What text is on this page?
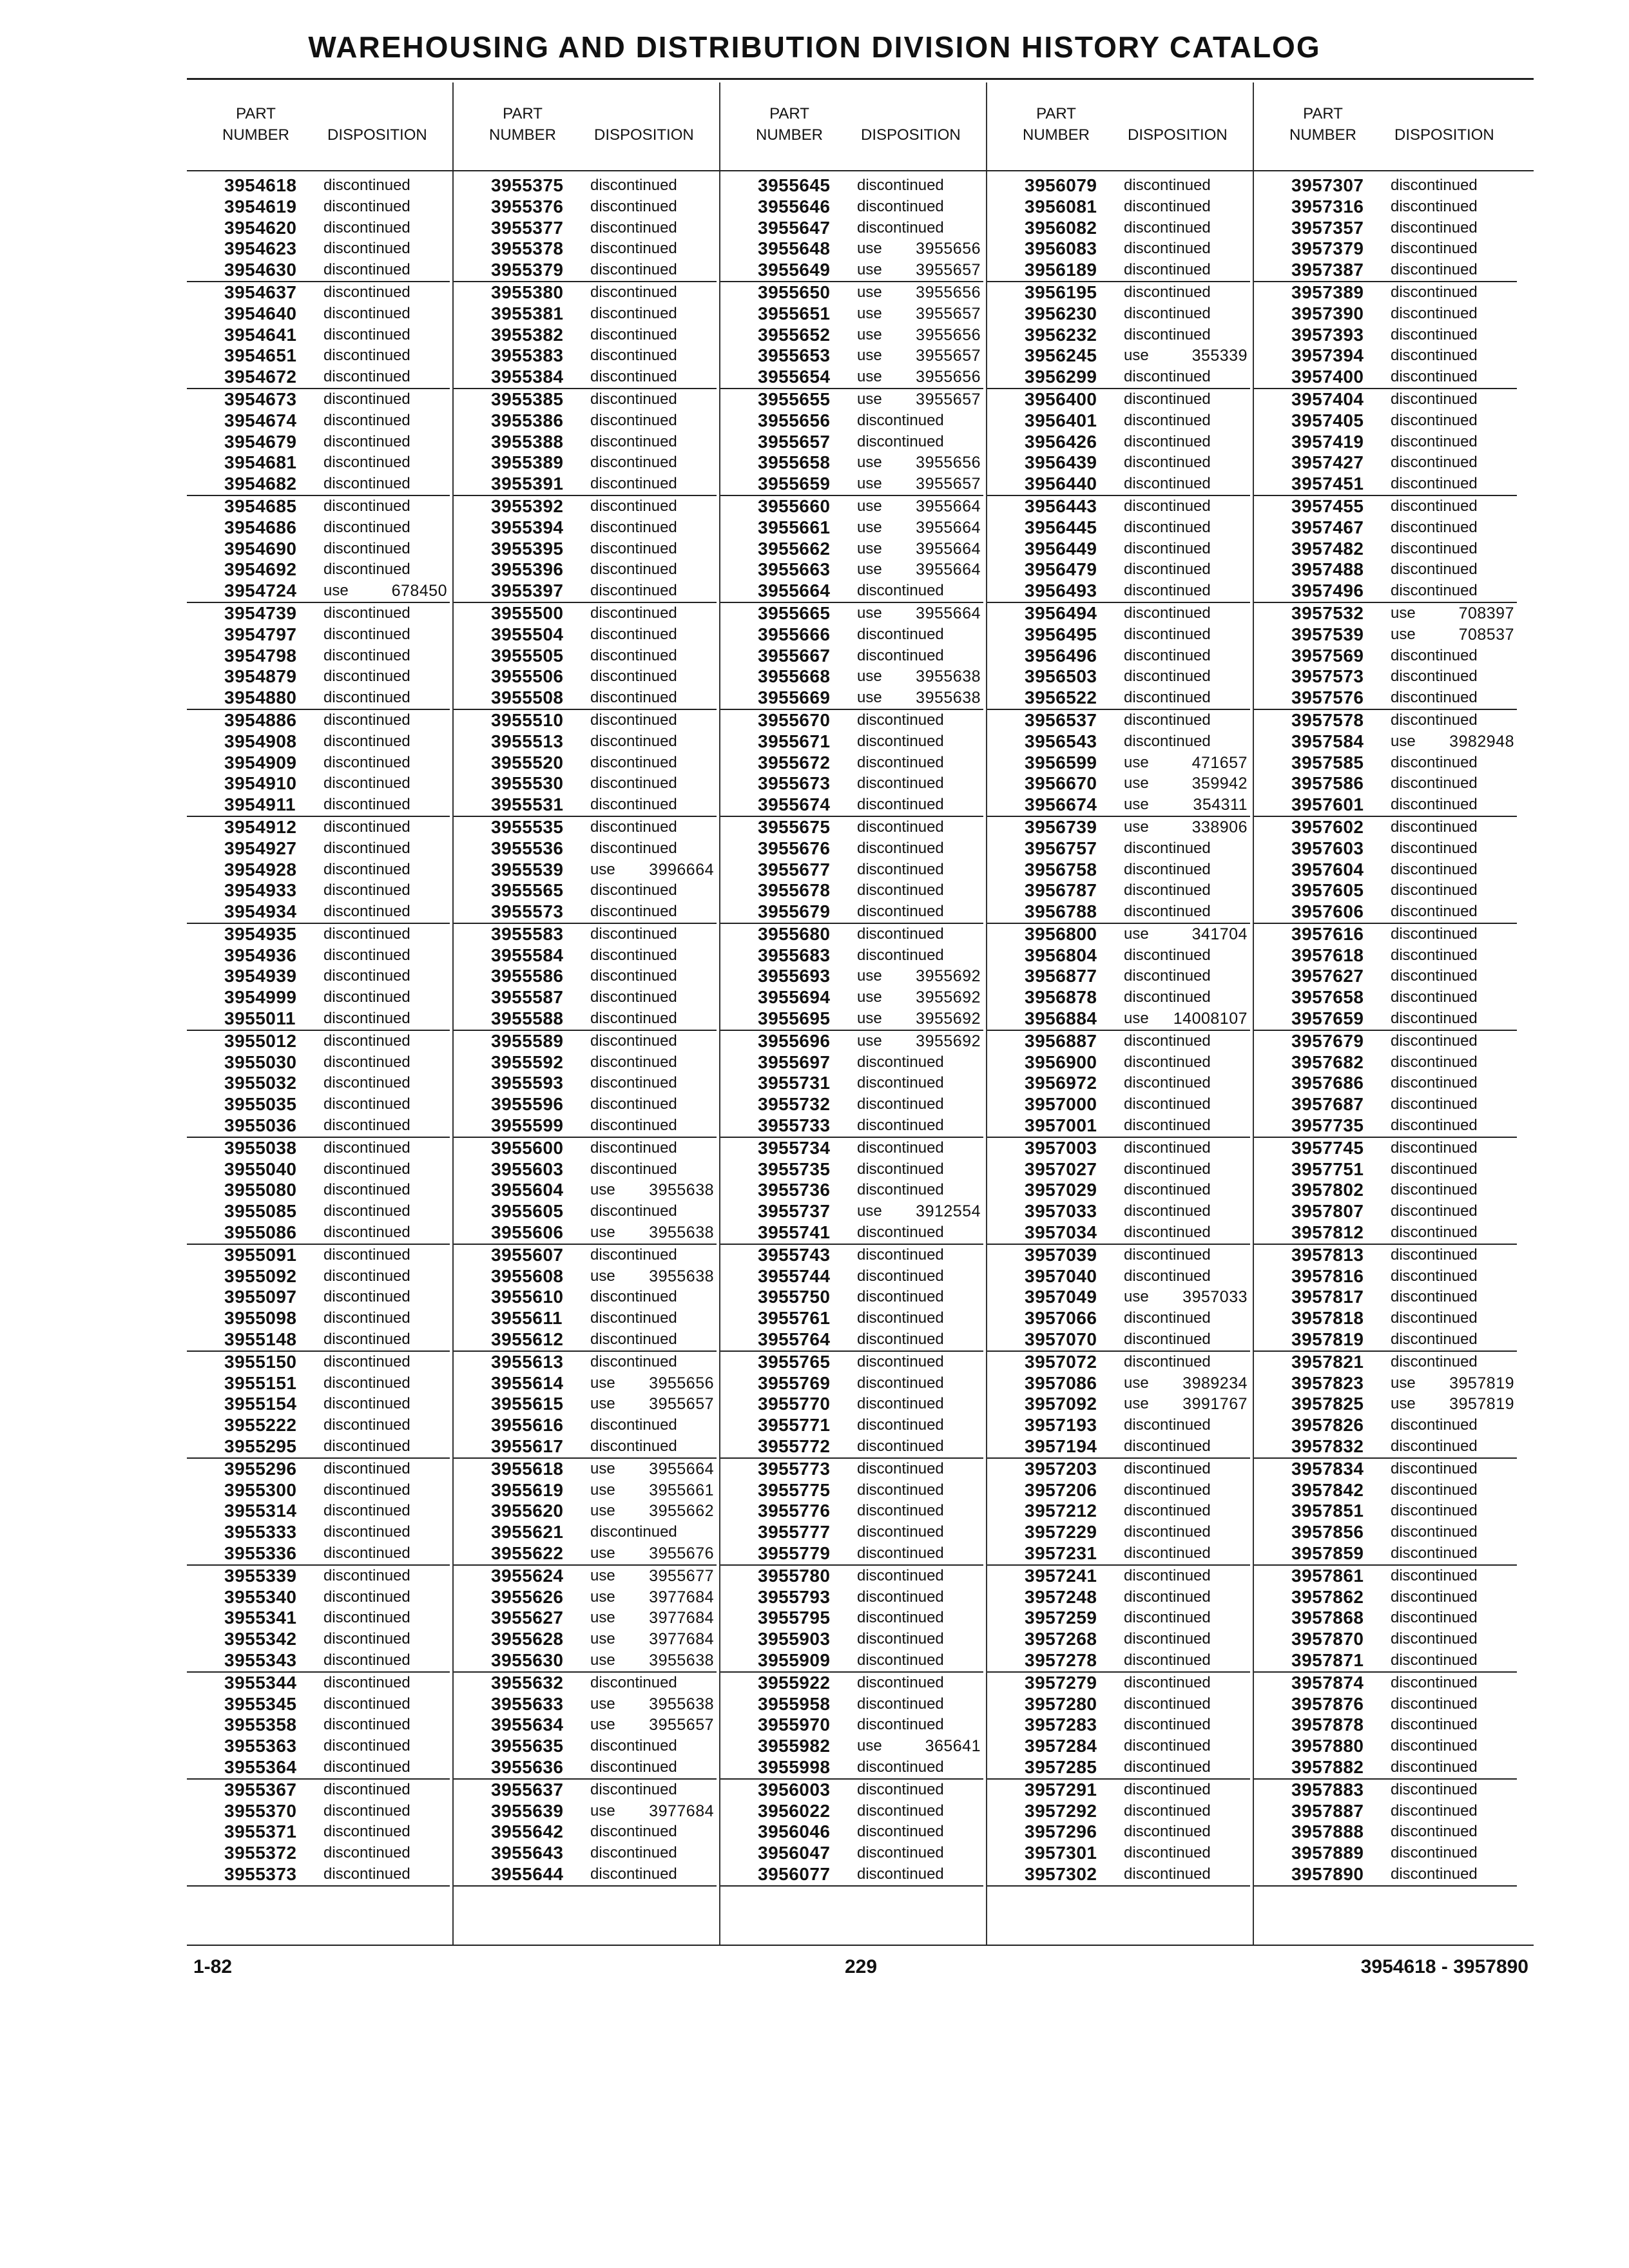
WAREHOUSING AND DISTRIBUTION DIVISION HISTORY CATALOG
PART
NUMBER	DISPOSITION
3954618 discontinued
3954619 discontinued
3954620 discontinued
3954623 discontinued
3954630 discontinued
3954637 discontinued
3954640 discontinued
3954641 discontinued
3954651 discontinued
3954672 discontinued
3954673 discontinued
3954674 discontinued
3954679 discontinued
3954681 discontinued
3954682 discontinued
3954685 discontinued
3954686 discontinued
3954690 discontinued
3954692 discontinued
3954724 use	678450
3954739 discontinued
3954797 discontinued
3954798 discontinued
3954879 discontinued
3954880 discontinued
3954886 discontinued
3954908 discontinued
3954909 discontinued
3954910 discontinued
3954911 discontinued
3954912 discontinued
3954927 discontinued
3954928 discontinued
3954933 discontinued
3954934 discontinued
3954935 discontinued
3954936 discontinued
3954939 discontinued
3954999 discontinued
3955011 discontinued
3955012 discontinued
3955030 discontinued
3955032 discontinued
3955035 discontinued
3955036 discontinued
3955038 discontinued
3955040 discontinued
3955080 discontinued
3955085 discontinued
3955086 discontinued
3955091 discontinued
3955092 discontinued
3955097 discontinued
3955098 discontinued
3955148 discontinued
3955150 discontinued
3955151 discontinued
3955154 discontinued
3955222 discontinued
3955295 discontinued
3955296 discontinued
3955300 discontinued
3955314 discontinued
3955333 discontinued
3955336 discontinued
3955339 discontinued
3955340 discontinued
3955341 discontinued
3955342 discontinued
3955343 discontinued
3955344 discontinued
3955345 discontinued
3955358 discontinued
3955363 discontinued
3955364 discontinued
3955367 discontinued
3955370 discontinued
3955371 discontinued
3955372 discontinued
3955373 discontinued
PART
NUMBER	DISPOSITION
3955375 discontinued
3955376 discontinued
3955377 discontinued
3955378 discontinued
3955379 discontinued
3955380 discontinued
3955381 discontinued
3955382 discontinued
3955383 discontinued
3955384 discontinued
3955385 discontinued
3955386 discontinued
3955388 discontinued
3955389 discontinued
3955391 discontinued
3955392 discontinued
3955394 discontinued
3955395 discontinued
3955396 discontinued
3955397 discontinued
3955500 discontinued
3955504 discontinued
3955505 discontinued
3955506 discontinued
3955508 discontinued
3955510 discontinued
3955513 discontinued
3955520 discontinued
3955530 discontinued
3955531 discontinued
3955535 discontinued
3955536 discontinued
3955539 use 3996664
3955565 discontinued
3955573 discontinued
3955583 discontinued
3955584 discontinued
3955586 discontinued
3955587 discontinued
3955588 discontinued
3955589 discontinued
3955592 discontinued
3955593 discontinued
3955596 discontinued
3955599 discontinued
3955600 discontinued
3955603 discontinued
3955604 use 3955638
3955605 discontinued
3955606 use 3955638
3955607 discontinued
3955608 use 3955638
3955610 discontinued
3955611 discontinued
3955612 discontinued
3955613 discontinued
3955614 use 3955656
3955615 use 3955657
3955616 discontinued
3955617 discontinued
3955618 use 3955664
3955619 use 3955661
3955620 use 3955662
3955621 discontinued
3955622 use 3955676
3955624 use 3955677
3955626 use 3977684
3955627 use 3977684
3955628 use 3977684
3955630 use 3955638
3955632 discontinued
3955633 use 3955638
3955634 use 3955657
3955635 discontinued
3955636 discontinued
3955637 discontinued
3955639 use 3977684
3955642 discontinued
3955643 discontinued
3955644 discontinued
PART
NUMBER	DISPOSITION
3955645 discontinued
3955646 discontinued
3955647 discontinued
3955648 use 3955656
3955649 use 3955657
3955650 use 3955656
3955651 use 3955657
3955652 use 3955656
3955653 use 3955657
3955654 use 3955656
3955655 use 3955657
3955656 discontinued
3955657 discontinued
3955658 use 3955656
3955659 use 3955657
3955660 use 3955664
3955661 use 3955664
3955662 use 3955664
3955663 use 3955664
3955664 discontinued
3955665 use 3955664
3955666 discontinued
3955667 discontinued
3955668 use 3955638
3955669 use 3955638
3955670 discontinued
3955671 discontinued
3955672 discontinued
3955673 discontinued
3955674 discontinued
3955675 discontinued
3955676 discontinued
3955677 discontinued
3955678 discontinued
3955679 discontinued
3955680 discontinued
3955683 discontinued
3955693 use 3955692
3955694 use 3955692
3955695 use 3955692
3955696 use 3955692
3955697 discontinued
3955731 discontinued
3955732 discontinued
3955733 discontinued
3955734 discontinued
3955735 discontinued
3955736 discontinued
3955737 use 3912554
3955741 discontinued
3955743 discontinued
3955744 discontinued
3955750 discontinued
3955761 discontinued
3955764 discontinued
3955765 discontinued
3955769 discontinued
3955770 discontinued
3955771 discontinued
3955772 discontinued
3955773 discontinued
3955775 discontinued
3955776 discontinued
3955777 discontinued
3955779 discontinued
3955780 discontinued
3955793 discontinued
3955795 discontinued
3955903 discontinued
3955909 discontinued
3955922 discontinued
3955958 discontinued
3955970 discontinued
3955982 use	365641
3955998 discontinued
3956003 discontinued
3956022 discontinued
3956046 discontinued
3956047 discontinued
3956077 discontinued
PART
NUMBER	DISPOSITION
3956079 discontinued
3956081 discontinued
3956082 discontinued
3956083 discontinued
3956189 discontinued
3956195 discontinued
3956230 discontinued
3956232 discontinued
3956245 use	355339
3956299 discontinued
3956400 discontinued
3956401 discontinued
3956426 discontinued
3956439 discontinued
3956440 discontinued
3956443 discontinued
3956445 discontinued
3956449 discontinued
3956479 discontinued
3956493 discontinued
3956494 discontinued
3956495 discontinued
3956496 discontinued
3956503 discontinued
3956522 discontinued
3956537 discontinued
3956543 discontinued
3956599 use	471657
3956670 use	359942
3956674 use	354311
3956739 use	338906
3956757 discontinued
3956758 discontinued
3956787 discontinued
3956788 discontinued
3956800 use	341704
3956804 discontinued
3956877 discontinued
3956878 discontinued
3956884 use 14008107
3956887 discontinued
3956900 discontinued
3956972 discontinued
3957000 discontinued
3957001 discontinued
3957003 discontinued
3957027 discontinued
3957029 discontinued
3957033 discontinued
3957034 discontinued
3957039 discontinued
3957040 discontinued
3957049 use 3957033
3957066 discontinued
3957070 discontinued
3957072 discontinued
3957086 use 3989234
3957092 use 3991767
3957193 discontinued
3957194 discontinued
3957203 discontinued
3957206 discontinued
3957212 discontinued
3957229 discontinued
3957231 discontinued
3957241 discontinued
3957248 discontinued
3957259 discontinued
3957268 discontinued
3957278 discontinued
3957279 discontinued
3957280 discontinued
3957283 discontinued
3957284 discontinued
3957285 discontinued
3957291 discontinued
3957292 discontinued
3957296 discontinued
3957301 discontinued
3957302 discontinued
PART
NUMBER	DISPOSITION
3957307 discontinued
3957316 discontinued
3957357 discontinued
3957379 discontinued
3957387 discontinued
3957389 discontinued
3957390 discontinued
3957393 discontinued
3957394 discontinued
3957400 discontinued
3957404 discontinued
3957405 discontinued
3957419 discontinued
3957427 discontinued
3957451 discontinued
3957455 discontinued
3957467 discontinued
3957482 discontinued
3957488 discontinued
3957496 discontinued
3957532 use	708397
3957539 use	708537
3957569 discontinued
3957573 discontinued
3957576 discontinued
3957578 discontinued
3957584 use 3982948
3957585 discontinued
3957586 discontinued
3957601 discontinued
3957602 discontinued
3957603 discontinued
3957604 discontinued
3957605 discontinued
3957606 discontinued
3957616 discontinued
3957618 discontinued
3957627 discontinued
3957658 discontinued
3957659 discontinued
3957679 discontinued
3957682 discontinued
3957686 discontinued
3957687 discontinued
3957735 discontinued
3957745 discontinued
3957751 discontinued
3957802 discontinued
3957807 discontinued
3957812 discontinued
3957813 discontinued
3957816 discontinued
3957817 discontinued
3957818 discontinued
3957819 discontinued
3957821 discontinued
3957823 use 3957819
3957825 use 3957819
3957826 discontinued
3957832 discontinued
3957834 discontinued
3957842 discontinued
3957851 discontinued
3957856 discontinued
3957859 discontinued
3957861 discontinued
3957862 discontinued
3957868 discontinued
3957870 discontinued
3957871 discontinued
3957874 discontinued
3957876 discontinued
3957878 discontinued
3957880 discontinued
3957882 discontinued
3957883 discontinued
3957887 discontinued
3957888 discontinued
3957889 discontinued
3957890 discontinued
1-82	229	3954618 - 3957890
